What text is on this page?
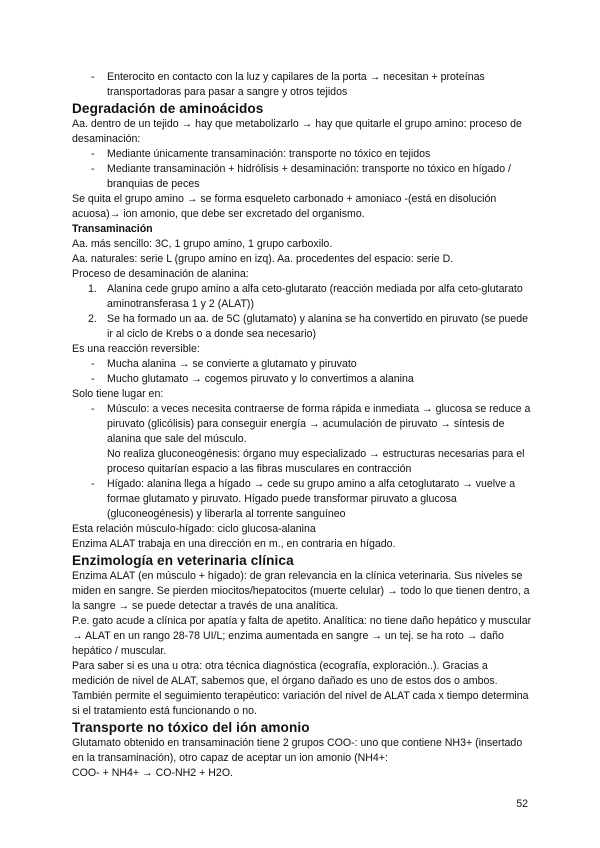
- Enterocito en contacto con la luz y capilares de la porta → necesitan + proteínas transportadoras para pasar a sangre y otros tejidos
Degradación de aminoácidos

Aa. dentro de un tejido → hay que metabolizarlo → hay que quitarle el grupo amino: proceso de desaminación:

- Mediante únicamente transaminación: transporte no tóxico en tejidos
- Mediante transaminación + hidrólisis + desaminación: transporte no tóxico en hígado / branquias de peces

Se quita el grupo amino → se forma esqueleto carbonado + amoniaco -(está en disolución acuosa)→ ion amonio, que debe ser excretado del organismo.

Transaminación

Aa. más sencillo: 3C, 1 grupo amino, 1 grupo carboxilo.

Aa. naturales: serie L (grupo amino en izq). Aa. procedentes del espacio: serie D.

Proceso de desaminación de alanina:

1. Alanina cede grupo amino a alfa ceto-glutarato (reacción mediada por alfa ceto-glutarato aminotransferasa 1 y 2 (ALAT))
2. Se ha formado un aa. de 5C (glutamato) y alanina se ha convertido en piruvato (se puede ir al ciclo de Krebs o a donde sea necesario)

Es una reacción reversible:

- Mucha alanina → se convierte a glutamato y piruvato
- Mucho glutamato → cogemos piruvato y lo convertimos a alanina

Solo tiene lugar en:

- Músculo: a veces necesita contraerse de forma rápida e inmediata → glucosa se reduce a piruvato (glicólisis) para conseguir energía → acumulación de piruvato → síntesis de alanina que sale del músculo.
No realiza gluconeogénesis: órgano muy especializado → estructuras necesarias para el proceso quitarían espacio a las fibras musculares en contracción
- Hígado: alanina llega a hígado → cede su grupo amino a alfa cetoglutarato → vuelve a formae glutamato y piruvato. Hígado puede transformar piruvato a glucosa (gluconeogénesis) y liberarla al torrente sanguíneo

Esta relación músculo-hígado: ciclo glucosa-alanina

Enzima ALAT trabaja en una dirección en m., en contraria en hígado.

Enzimología en veterinaria clínica

Enzima ALAT (en músculo + hígado): de gran relevancia en la clínica veterinaria. Sus niveles se miden en sangre. Se pierden miocitos/hepatocitos (muerte celular) → todo lo que tienen dentro, a la sangre → se puede detectar a través de una analítica.

P.e. gato acude a clínica por apatía y falta de apetito. Analítica: no tiene daño hepático y muscular → ALAT en un rango 28-78 UI/L; enzima aumentada en sangre → un tej. se ha roto → daño hepático / muscular.

Para saber si es una u otra: otra técnica diagnóstica (ecografía, exploración..). Gracias a medición de nivel de ALAT, sabemos que, el órgano dañado es uno de estos dos o ambos. También permite el seguimiento terapéutico: variación del nivel de ALAT cada x tiempo determina si el tratamiento está funcionando o no.

Transporte no tóxico del ión amonio

Glutamato obtenido en transaminación tiene 2 grupos COO-: uno que contiene NH3+ (insertado en la transaminación), otro capaz de aceptar un ion amonio (NH4+:

COO- + NH4+ → CO-NH2 + H2O.

52
